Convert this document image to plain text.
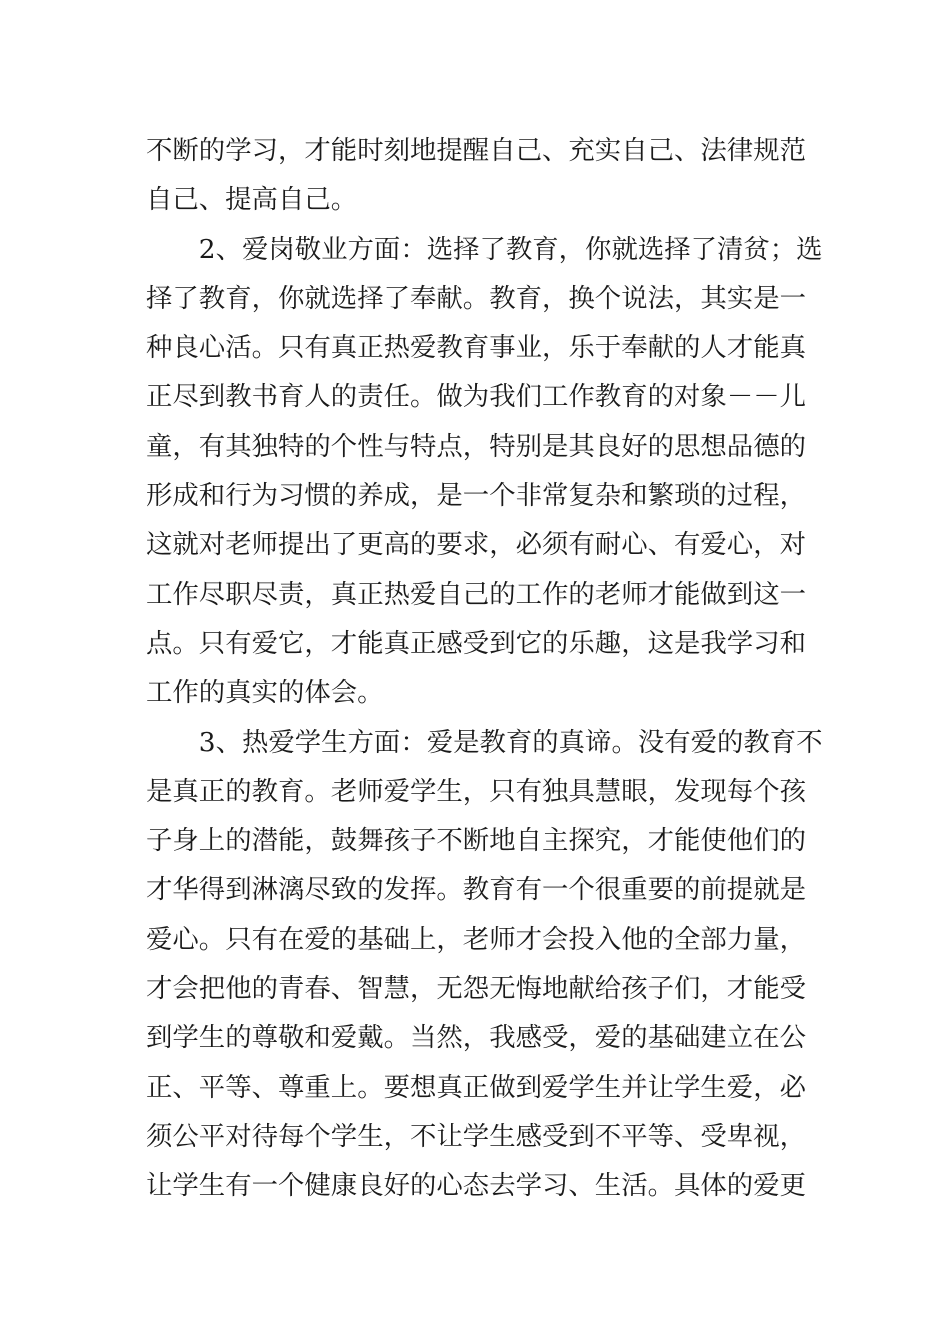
不断的学习，才能时刻地提醒自己、充实自己、法律规范
自己、提高自己。

2、爱岗敬业方面：选择了教育，你就选择了清贫；选
择了教育，你就选择了奉献。教育，换个说法，其实是一
种良心活。只有真正热爱教育事业，乐于奉献的人才能真
正尽到教书育人的责任。做为我们工作教育的对象－－儿
童，有其独特的个性与特点，特别是其良好的思想品德的
形成和行为习惯的养成，是一个非常复杂和繁琐的过程，
这就对老师提出了更高的要求，必须有耐心、有爱心，对
工作尽职尽责，真正热爱自己的工作的老师才能做到这一
点。只有爱它，才能真正感受到它的乐趣，这是我学习和
工作的真实的体会。

3、热爱学生方面：爱是教育的真谛。没有爱的教育不
是真正的教育。老师爱学生，只有独具慧眼，发现每个孩
子身上的潜能，鼓舞孩子不断地自主探究，才能使他们的
才华得到淋漓尽致的发挥。教育有一个很重要的前提就是
爱心。只有在爱的基础上，老师才会投入他的全部力量，
才会把他的青春、智慧，无怨无悔地献给孩子们，才能受
到学生的尊敬和爱戴。当然，我感受，爱的基础建立在公
正、平等、尊重上。要想真正做到爱学生并让学生爱，必
须公平对待每个学生，不让学生感受到不平等、受卑视，
让学生有一个健康良好的心态去学习、生活。具体的爱更
